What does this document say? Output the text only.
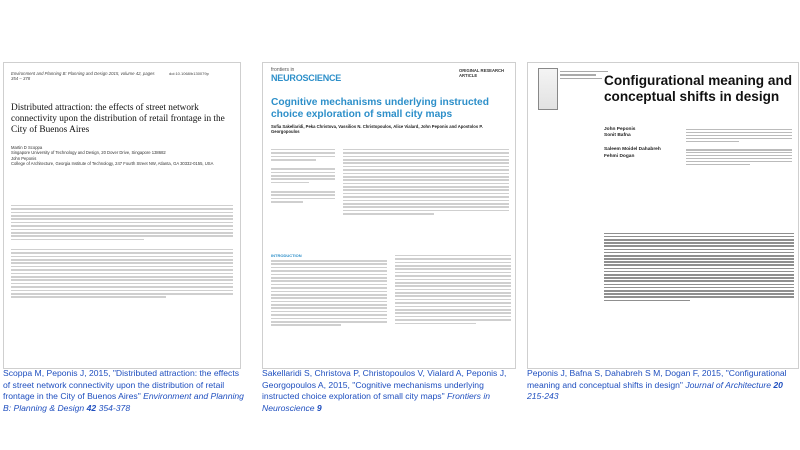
Environment and Planning B: Planning and Design 2015, volume 42, pages 354 – 378
doi:10.1068/b130079p
Distributed attraction: the effects of street network connectivity upon the distribution of retail frontage in the City of Buenos Aires
Martin D Scoppa
Singapore University of Technology and Design, 20 Dover Drive, Singapore 138682
John Peponis
College of Architecture, Georgia Institute of Technology, 247 Fourth Street NW, Atlanta, GA 30332-0155, USA
frontiers in
NEUROSCIENCE
ORIGINAL RESEARCH ARTICLE
Cognitive mechanisms underlying instructed choice exploration of small city maps
Sofia Sakellaridi, Peka Christova, Vassilios N. Christopoulos, Alice Vialard, John Peponis and Apostolos P. Georgopoulos
INTRODUCTION
Configurational meaning and conceptual shifts in design
John Peponis
Sonit Bafna
Saleem Moidel Dahabreh
Fehmi Dogan
Scoppa M, Peponis J, 2015, "Distributed attraction: the effects of street network connectivity upon the distribution of retail frontage in the City of Buenos Aires" Environment and Planning B: Planning & Design 42 354-378
Sakellaridi S, Christova P, Christopoulos V, Vialard A, Peponis J, Georgopoulos A, 2015, "Cognitive mechanisms underlying instructed choice exploration of small city maps" Frontiers in Neuroscience 9
Peponis J, Bafna S, Dahabreh S M, Dogan F, 2015, "Configurational meaning and conceptual shifts in design" Journal of Architecture 20 215-243
